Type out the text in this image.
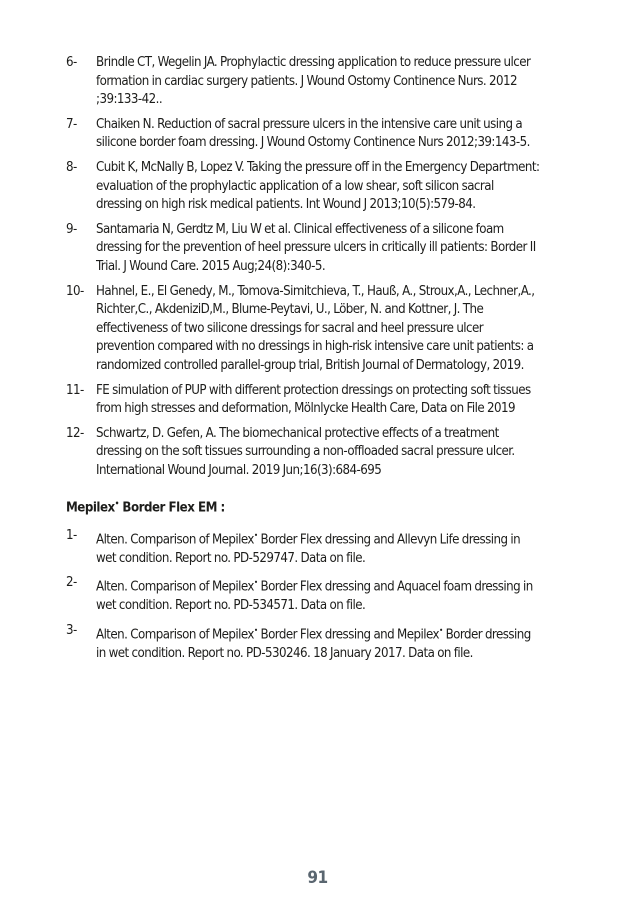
6-	Brindle CT, Wegelin JA. Prophylactic dressing application to reduce pressure ulcer formation in cardiac surgery patients. J Wound Ostomy Continence Nurs. 2012 ;39:133-42..
7-	Chaiken N. Reduction of sacral pressure ulcers in the intensive care unit using a silicone border foam dressing. J Wound Ostomy Continence Nurs 2012;39:143-5.
8-	Cubit K, McNally B, Lopez V. Taking the pressure off in the Emergency Department: evaluation of the prophylactic application of a low shear, soft silicon sacral dressing on high risk medical patients. Int Wound J 2013;10(5):579-84.
9-	Santamaria N, Gerdtz M, Liu W et al. Clinical effectiveness of a silicone foam dressing for the prevention of heel pressure ulcers in critically ill patients: Border II Trial. J Wound Care. 2015 Aug;24(8):340-5.
10- Hahnel, E., El Genedy, M., Tomova-Simitchieva, T., Hauß, A., Stroux,A., Lechner,A., Richter,C., AkdeniziD,M., Blume-Peytavi, U., Löber, N. and Kottner, J. The effectiveness of two silicone dressings for sacral and heel pressure ulcer prevention compared with no dressings in high-risk intensive care unit patients: a randomized controlled parallel-group trial, British Journal of Dermatology, 2019.
11- FE simulation of PUP with different protection dressings on protecting soft tissues from high stresses and deformation, Mölnlycke Health Care, Data on File 2019
12- Schwartz, D. Gefen, A. The biomechanical protective effects of a treatment dressing on the soft tissues surrounding a non-offloaded sacral pressure ulcer. International Wound Journal. 2019 Jun;16(3):684-695
Mepilex• Border Flex EM :
1-	Alten. Comparison of Mepilex• Border Flex dressing and Allevyn Life dressing in wet condition. Report no. PD-529747. Data on file.
2-	Alten. Comparison of Mepilex• Border Flex dressing and Aquacel foam dressing in wet condition. Report no. PD-534571. Data on file.
3-	Alten. Comparison of Mepilex• Border Flex dressing and Mepilex• Border dressing in wet condition. Report no. PD-530246. 18 January 2017. Data on file.
91
